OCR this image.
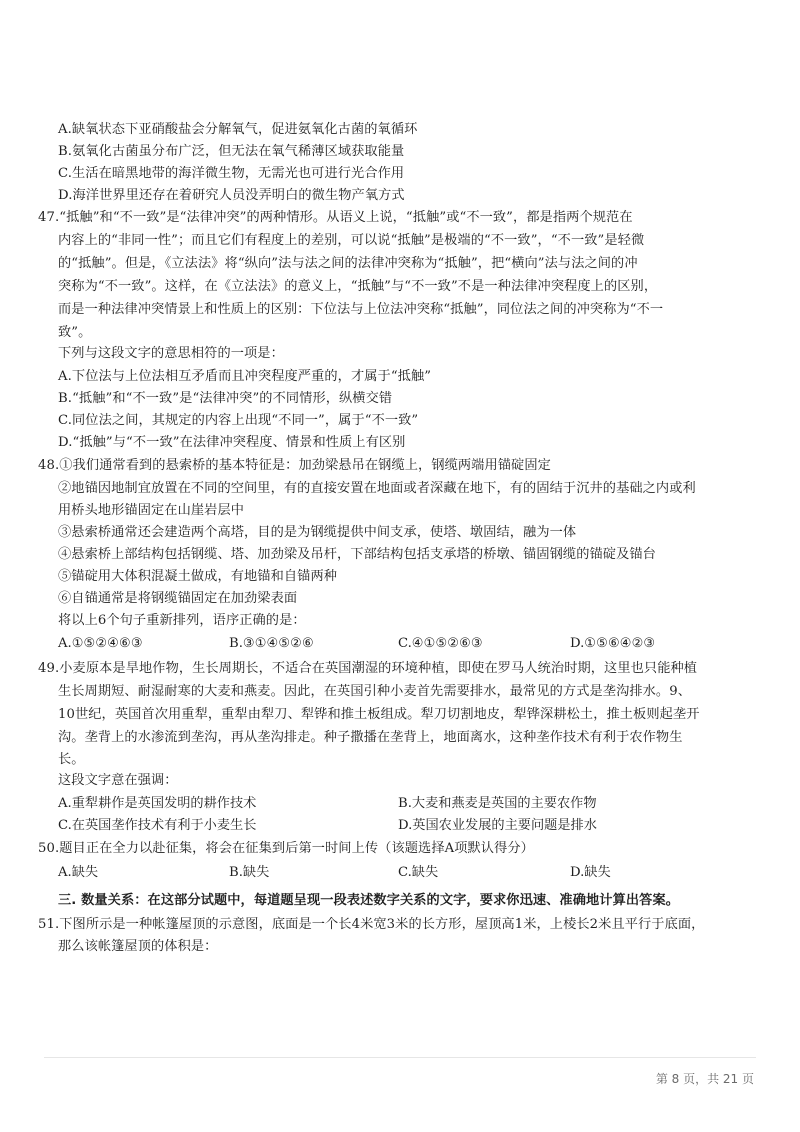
A.缺氧状态下亚硝酸盐会分解氧气，促进氨氧化古菌的氧循环
B.氨氧化古菌虽分布广泛，但无法在氧气稀薄区域获取能量
C.生活在暗黑地带的海洋微生物，无需光也可进行光合作用
D.海洋世界里还存在着研究人员没弄明白的微生物产氧方式
47.“抵触”和“不一致”是“法律冲突”的两种情形。从语义上说，“抵触”或“不一致”，都是指两个规范在
内容上的“非同一性”；而且它们有程度上的差别，可以说“抵触”是极端的“不一致”，“不一致”是轻微
的“抵触”。但是，《立法法》将“纵向”法与法之间的法律冲突称为“抵触”，把“横向”法与法之间的冲
突称为“不一致”。这样，在《立法法》的意义上，“抵触”与“不一致”不是一种法律冲突程度上的区别，
而是一种法律冲突情景上和性质上的区别：下位法与上位法冲突称“抵触”，同位法之间的冲突称为“不一
致”。
下列与这段文字的意思相符的一项是：
A.下位法与上位法相互矛盾而且冲突程度严重的，才属于“抵触”
B.“抵触”和“不一致”是“法律冲突”的不同情形，纵横交错
C.同位法之间，其规定的内容上出现“不同一”，属于“不一致”
D.“抵触”与“不一致”在法律冲突程度、情景和性质上有区别
48.①我们通常看到的悬索桥的基本特征是：加劲梁悬吊在钢缆上，钢缆两端用锚碇固定
②地锚因地制宜放置在不同的空间里，有的直接安置在地面或者深藏在地下，有的固结于沉井的基础之内或利
用桥头地形锚固定在山崖岩层中
③悬索桥通常还会建造两个高塔，目的是为钢缆提供中间支承，使塔、墩固结，融为一体
④悬索桥上部结构包括钢缆、塔、加劲梁及吊杆，下部结构包括支承塔的桥墩、锚固钢缆的锚碇及锚台
⑤锚碇用大体积混凝土做成，有地锚和自锚两种
⑥自锚通常是将钢缆锚固定在加劲梁表面
将以上6个句子重新排列，语序正确的是：
A.①⑤②④⑥③	B.③①④⑤②⑥	C.④①⑤②⑥③	D.①⑤⑥④②③
49.小麦原本是旱地作物，生长周期长，不适合在英国潮湿的环境种植，即使在罗马人统治时期，这里也只能种植
生长周期短、耐湿耐寒的大麦和燕麦。因此，在英国引种小麦首先需要排水，最常见的方式是垄沟排水。9、
10世纪，英国首次用重犁，重犁由犁刀、犁铧和推土板组成。犁刀切割地皮，犁铧深耕松土，推土板则起垄开
沟。垄背上的水渗流到垄沟，再从垄沟排走。种子撒播在垄背上，地面离水，这种垄作技术有利于农作物生
长。
这段文字意在强调：
A.重犁耕作是英国发明的耕作技术	B.大麦和燕麦是英国的主要农作物
C.在英国垄作技术有利于小麦生长	D.英国农业发展的主要问题是排水
50.题目正在全力以赴征集，将会在征集到后第一时间上传（该题选择A项默认得分）
A.缺失	B.缺失	C.缺失	D.缺失
三. 数量关系：在这部分试题中，每道题呈现一段表述数字关系的文字，要求你迅速、准确地计算出答案。
51.下图所示是一种帐篷屋顶的示意图，底面是一个长4米宽3米的长方形，屋顶高1米，上棱长2米且平行于底面，
那么该帐篷屋顶的体积是：
第 8 页，共 21 页
